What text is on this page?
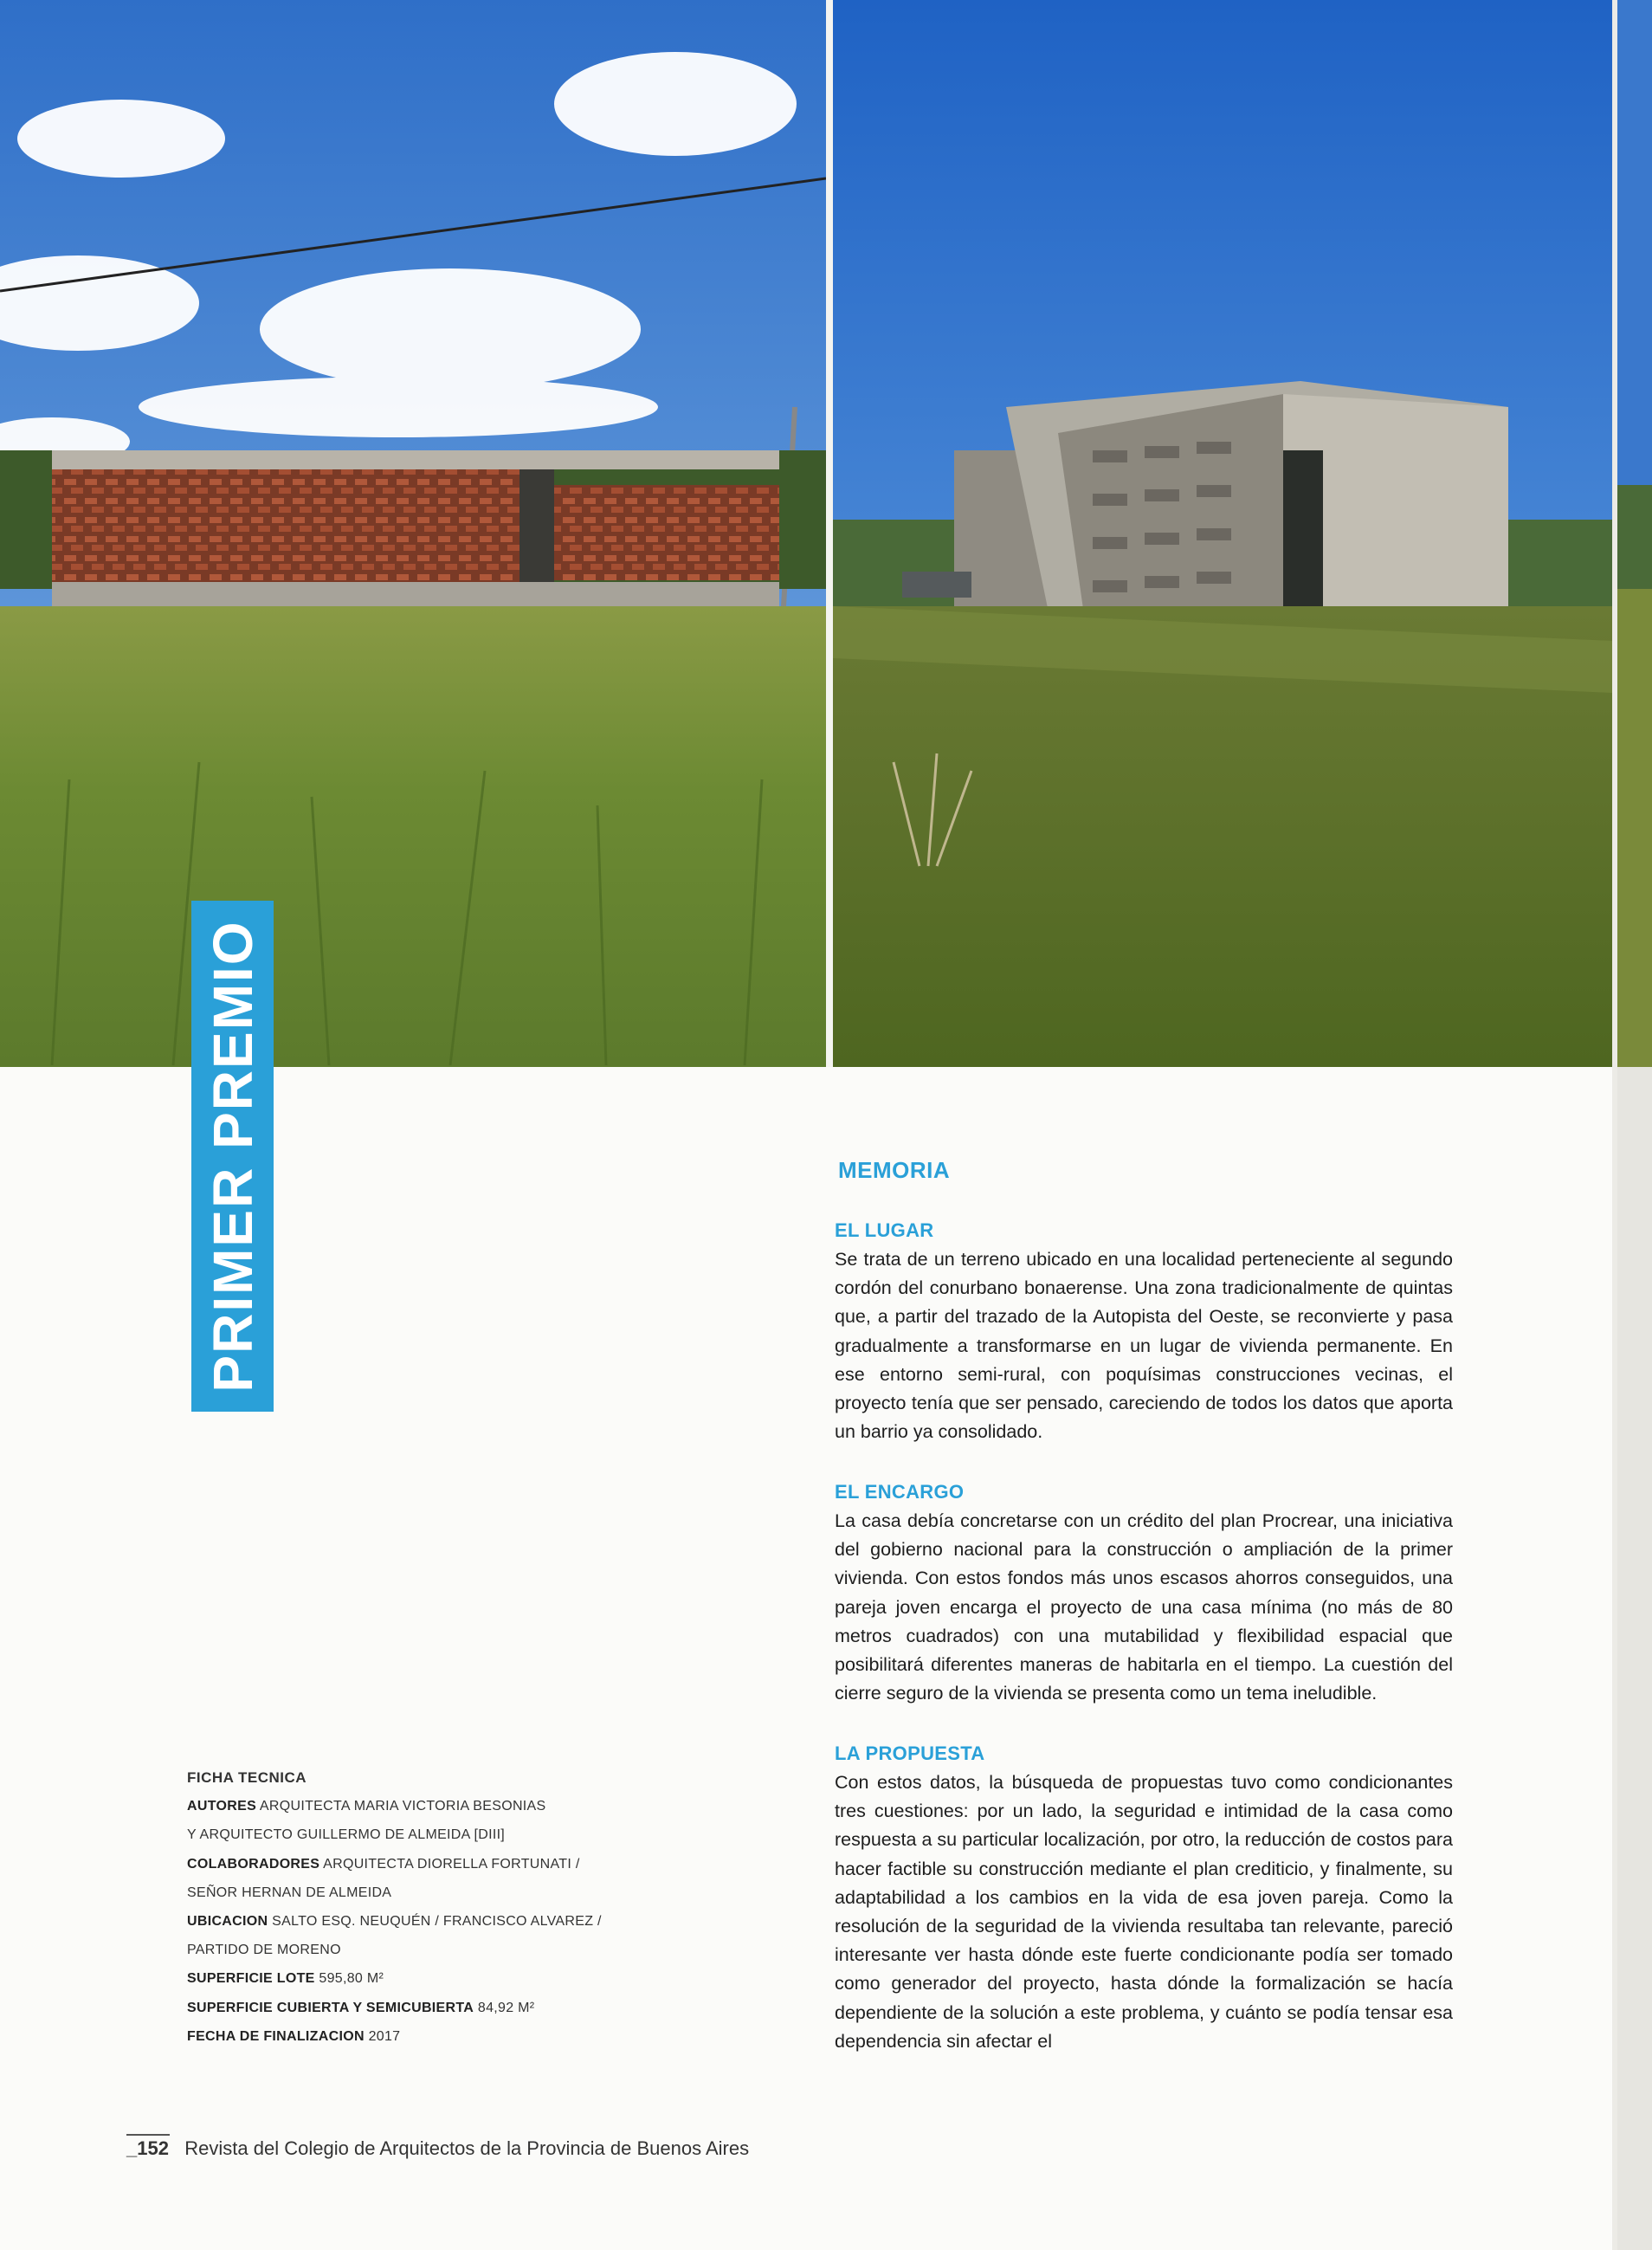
PRIMER PREMIO	MEMORIA
EL LUGAR

Se trata de un terreno ubicado en una localidad perteneciente al segundo cordón del conurbano bonaerense. Una zona tradicionalmente de quintas que, a partir del trazado de la Autopista del Oeste, se reconvierte y pasa gradualmente a transformarse en un lugar de vivienda permanente. En ese entorno semi-rural, con poquísimas construcciones vecinas, el proyecto tenía que ser pensado, careciendo de todos los datos que aporta un barrio ya consolidado.

EL ENCARGO

La casa debía concretarse con un crédito del plan Procrear, una iniciativa del gobierno nacional para la construcción o ampliación de la primer vivienda. Con estos fondos más unos escasos ahorros conseguidos, una pareja joven encarga el proyecto de una casa mínima (no más de 80 metros cuadrados) con una mutabilidad y flexibilidad espacial que posibilitará diferentes maneras de habitarla en el tiempo. La cuestión del cierre seguro de la vivienda se presenta como un tema ineludible.

LA PROPUESTA

Con estos datos, la búsqueda de propuestas tuvo como condicionantes tres cuestiones: por un lado, la seguridad e intimidad de la casa como respuesta a su particular localización, por otro, la reducción de costos para hacer factible su construcción mediante el plan crediticio, y finalmente, su adaptabilidad a los cambios en la vida de esa joven pareja. Como la resolución de la seguridad de la vivienda resultaba tan relevante, pareció interesante ver hasta dónde este fuerte condicionante podía ser tomado como generador del proyecto, hasta dónde la formalización se hacía dependiente de la solución a este problema, y cuánto se podía tensar esa dependencia sin afectar el

FICHA TECNICA
AUTORES ARQUITECTA MARIA VICTORIA BESONIAS
Y ARQUITECTO GUILLERMO DE ALMEIDA [DIII]
COLABORADORES ARQUITECTA DIORELLA FORTUNATI /
SEÑOR HERNAN DE ALMEIDA
UBICACION SALTO ESQ. NEUQUÉN / FRANCISCO ALVAREZ /
PARTIDO DE MORENO
SUPERFICIE LOTE 595,80 M²
SUPERFICIE CUBIERTA Y SEMICUBIERTA 84,92 M²
FECHA DE FINALIZACION 2017
_152 Revista del Colegio de Arquitectos de la Provincia de Buenos Aires
